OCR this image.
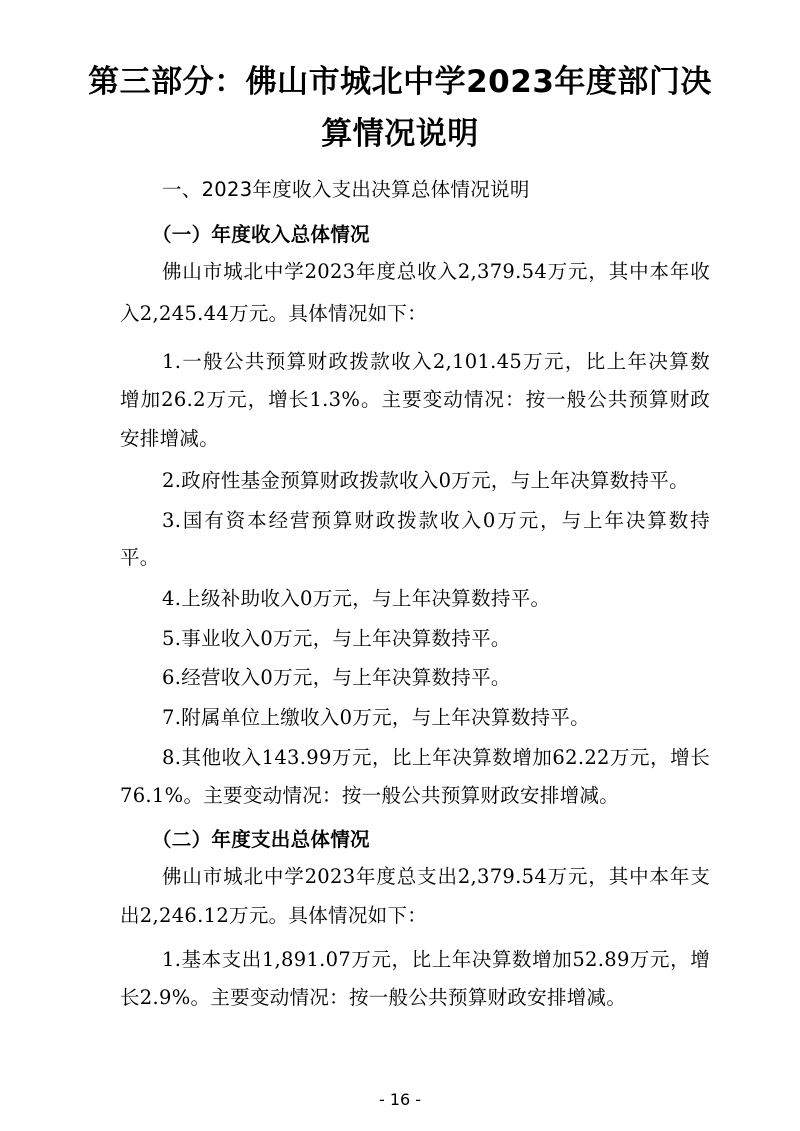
第三部分：佛山市城北中学2023年度部门决
算情况说明
一、2023年度收入支出决算总体情况说明
（一）年度收入总体情况
佛山市城北中学2023年度总收入2,379.54万元，其中本年收
入2,245.44万元。具体情况如下：
1.一般公共预算财政拨款收入2,101.45万元，比上年决算数
增加26.2万元，增长1.3%。主要变动情况：按一般公共预算财政
安排增减。
2.政府性基金预算财政拨款收入0万元，与上年决算数持平。
3.国有资本经营预算财政拨款收入0万元，与上年决算数持
平。
4.上级补助收入0万元，与上年决算数持平。
5.事业收入0万元，与上年决算数持平。
6.经营收入0万元，与上年决算数持平。
7.附属单位上缴收入0万元，与上年决算数持平。
8.其他收入143.99万元，比上年决算数增加62.22万元，增长
76.1%。主要变动情况：按一般公共预算财政安排增减。
（二）年度支出总体情况
佛山市城北中学2023年度总支出2,379.54万元，其中本年支
出2,246.12万元。具体情况如下：
1.基本支出1,891.07万元，比上年决算数增加52.89万元，增
长2.9%。主要变动情况：按一般公共预算财政安排增减。
- 16 -
